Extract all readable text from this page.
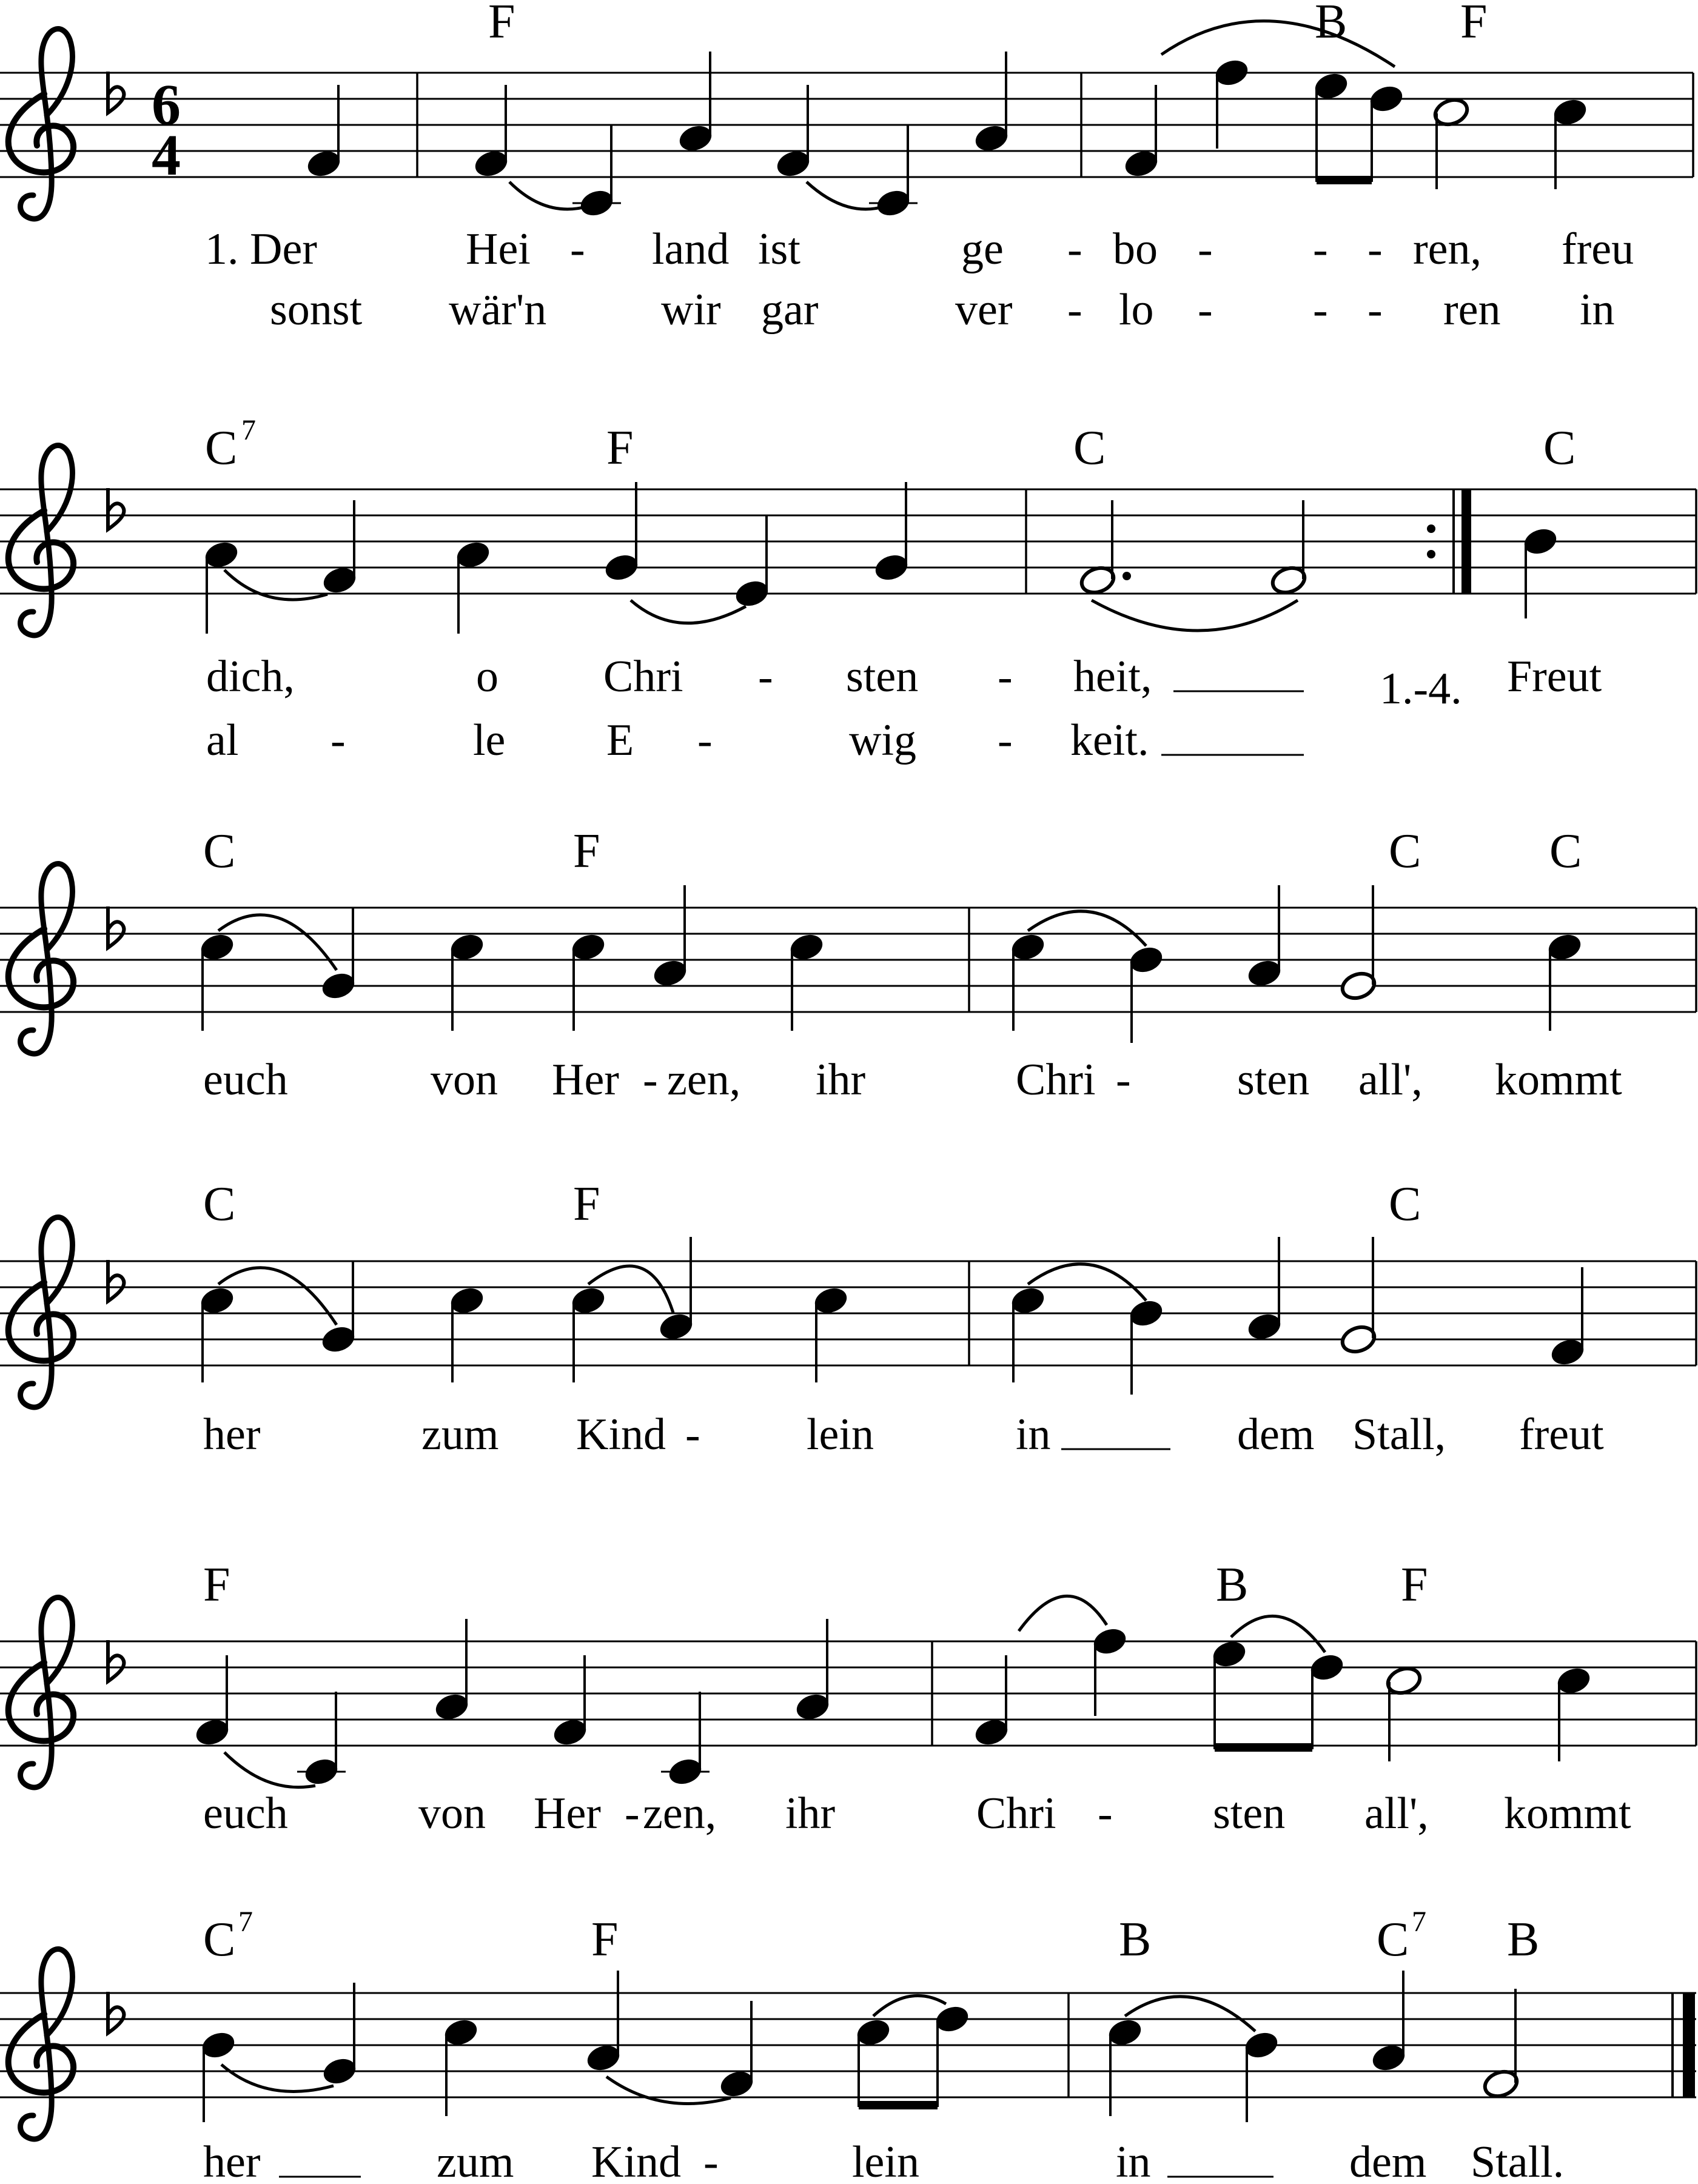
6
4
F	B F
1. Der	Hei - land ist	ge - bo - - - ren, freu
sonst wär'n	wir gar	ver - lo - - - ren in
C 7	F	C	C
dich,	o Chri - sten - heit,	Freut
1.-4.
al -	le E -	wig - keit.
C	F	C	C
euch	von Her - zen, ihr	Chri - sten all', kommt
C	F	C
her	zum Kind - lein	in	dem Stall, freut
F	B	F
euch	von Her - zen, ihr	Chri - sten all', kommt
C 7	F	B	C 7 B
her	zum Kind -	lein	in	dem Stall.
